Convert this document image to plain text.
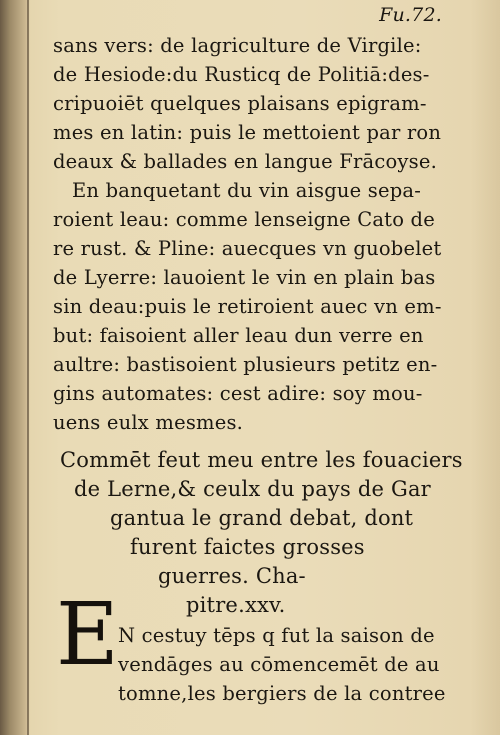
Fu.72.
sans vers: de lagriculture de Virgile:
de Hesiode:du Rusticq de Politiā:des-
cripuoiēt quelques plaisans epigram-
mes en latin: puis le mettoient par ron
deaux & ballades en langue Frācoyse.
En banquetant du vin aisgue sepa-
roient leau: comme lenseigne Cato de
re rust. & Pline: auecques vn guobelet
de Lyerre: lauoient le vin en plain bas
sin deau:puis le retiroient auec vn em-
but: faisoient aller leau dun verre en
aultre: bastisoient plusieurs petitz en-
gins automates: cest adire: soy mou-
uens eulx mesmes.
Commēt feut meu entre les fouaciers
de Lerne,& ceulx du pays de Gar
gantua le grand debat, dont
furent faictes grosses
guerres. Cha-
pitre.xxv.
E N cestuy tēps q fut la saison de
vendāges au cōmencemēt de au
tomne,les bergiers de la contree
